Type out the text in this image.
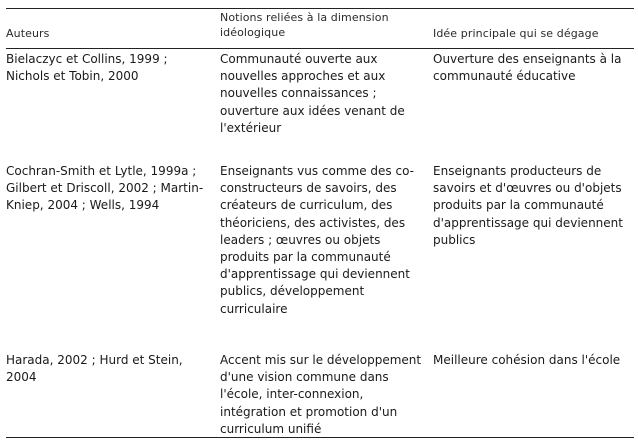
Auteurs

Notions reliées à la dimension idéologique	Idée principale qui se dégage

Bielaczyc et Collins, 1999 ; Nichols et Tobin, 2000

Communauté ouverte aux nouvelles approches et aux nouvelles connaissances ; ouverture aux idées venant de l'extérieur

Ouverture des enseignants à la communauté éducative

Cochran-Smith et Lytle, 1999a ; Gilbert et Driscoll, 2002 ; Martin-Kniep, 2004 ; Wells, 1994

Enseignants vus comme des co-constructeurs de savoirs, des créateurs de curriculum, des théoriciens, des activistes, des leaders ; œuvres ou objets produits par la communauté d'apprentissage qui deviennent publics, développement curriculaire

Enseignants producteurs de savoirs et d'œuvres ou d'objets produits par la communauté d'apprentissage qui deviennent publics

Harada, 2002 ; Hurd et Stein, 2004

Accent mis sur le développement d'une vision commune dans l'école, inter-connexion, intégration et promotion d'un curriculum unifié

Meilleure cohésion dans l'école
